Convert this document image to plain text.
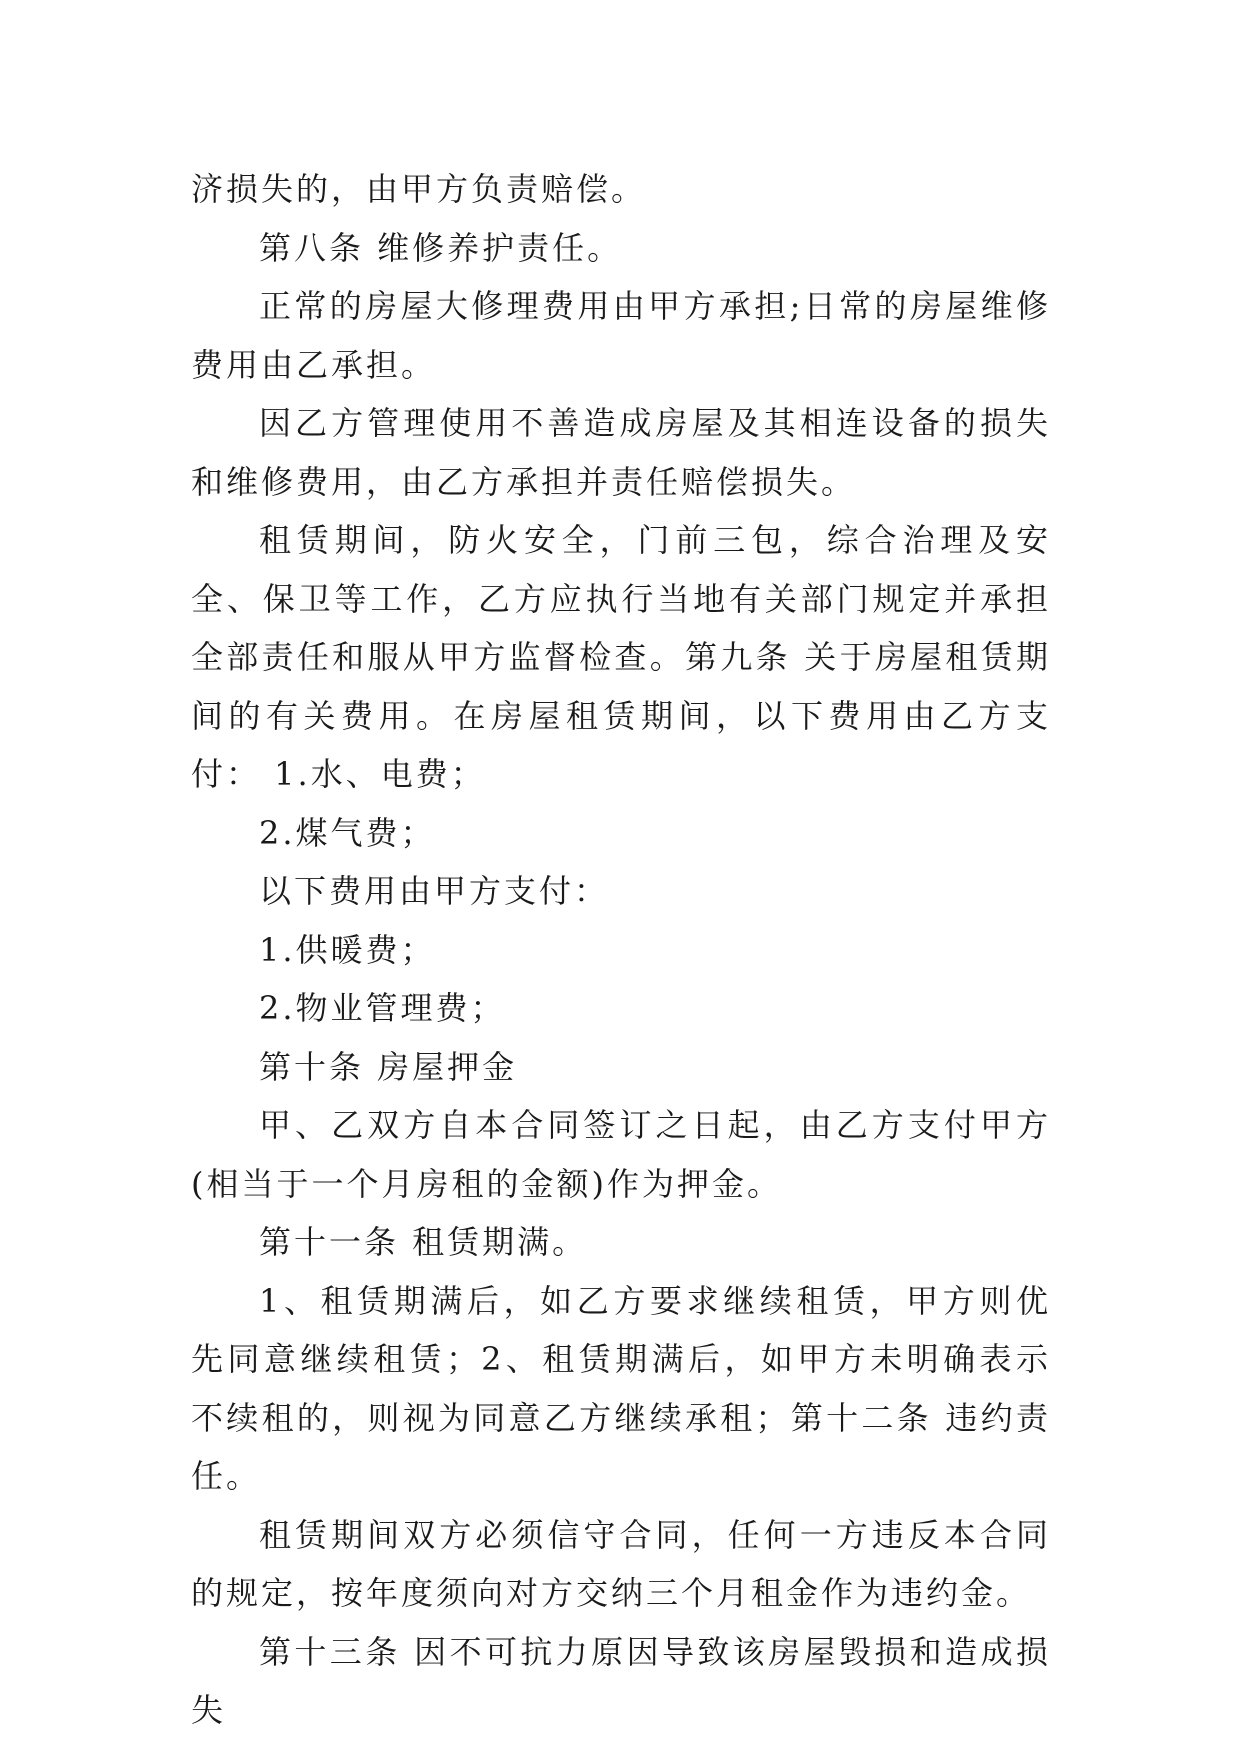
济损失的，由甲方负责赔偿。

第八条 维修养护责任。

正常的房屋大修理费用由甲方承担;日常的房屋维修费用由乙承担。

因乙方管理使用不善造成房屋及其相连设备的损失和维修费用，由乙方承担并责任赔偿损失。

租赁期间，防火安全，门前三包，综合治理及安全、保卫等工作，乙方应执行当地有关部门规定并承担全部责任和服从甲方监督检查。第九条 关于房屋租赁期间的有关费用。在房屋租赁期间，以下费用由乙方支付： 1.水、电费；

2.煤气费；

以下费用由甲方支付：

1.供暖费；

2.物业管理费；

第十条 房屋押金

甲、乙双方自本合同签订之日起，由乙方支付甲方(相当于一个月房租的金额)作为押金。

第十一条 租赁期满。

1、租赁期满后，如乙方要求继续租赁，甲方则优先同意继续租赁；2、租赁期满后，如甲方未明确表示不续租的，则视为同意乙方继续承租；第十二条 违约责任。

租赁期间双方必须信守合同，任何一方违反本合同的规定，按年度须向对方交纳三个月租金作为违约金。

第十三条 因不可抗力原因导致该房屋毁损和造成损失
